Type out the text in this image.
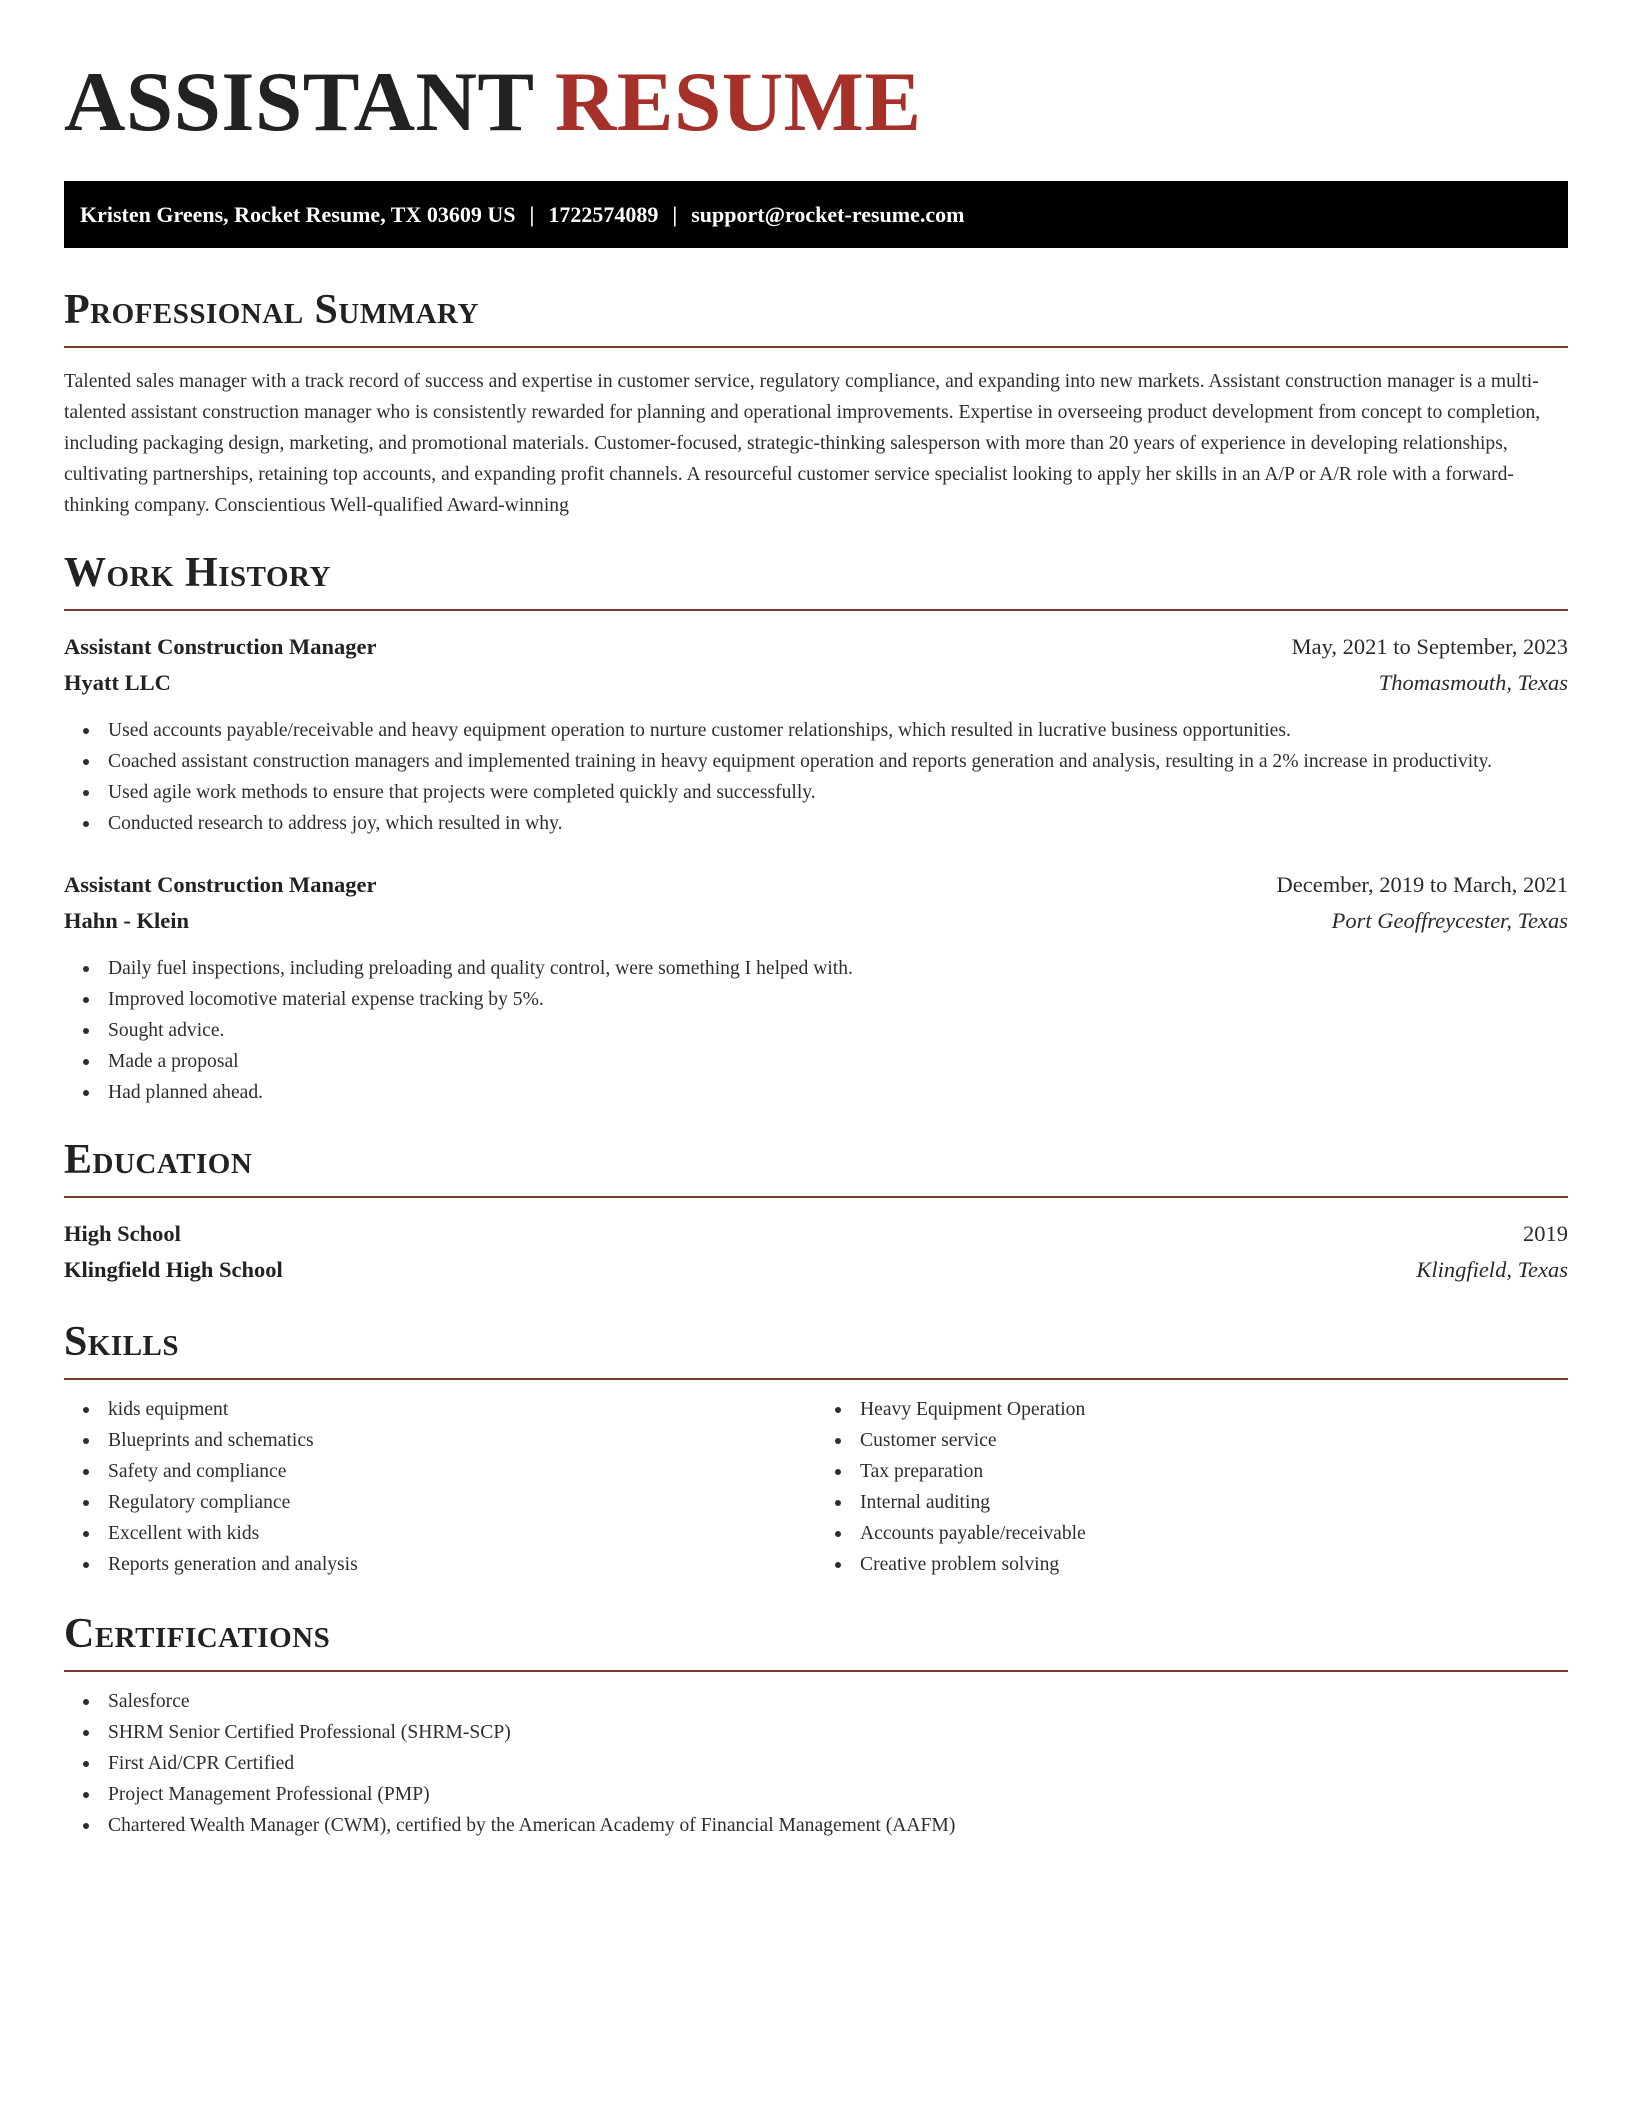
ASSISTANT RESUME
Kristen Greens, Rocket Resume, TX 03609 US | 1722574089 | support@rocket-resume.com
Professional Summary

Talented sales manager with a track record of success and expertise in customer service, regulatory compliance, and expanding into new markets. Assistant construction manager is a multi-talented assistant construction manager who is consistently rewarded for planning and operational improvements. Expertise in overseeing product development from concept to completion, including packaging design, marketing, and promotional materials. Customer-focused, strategic-thinking salesperson with more than 20 years of experience in developing relationships, cultivating partnerships, retaining top accounts, and expanding profit channels. A resourceful customer service specialist looking to apply her skills in an A/P or A/R role with a forward-thinking company. Conscientious Well-qualified Award-winning

Work History
Assistant Construction Manager	May, 2021 to September, 2023
Hyatt LLC	Thomasmouth, Texas
Used accounts payable/receivable and heavy equipment operation to nurture customer relationships, which resulted in lucrative business opportunities.
Coached assistant construction managers and implemented training in heavy equipment operation and reports generation and analysis, resulting in a 2% increase in productivity.
Used agile work methods to ensure that projects were completed quickly and successfully.
Conducted research to address joy, which resulted in why.
Assistant Construction Manager	December, 2019 to March, 2021
Hahn - Klein	Port Geoffreycester, Texas
Daily fuel inspections, including preloading and quality control, were something I helped with.
Improved locomotive material expense tracking by 5%.
Sought advice.
Made a proposal
Had planned ahead.
Education
High School	2019
Klingfield High School	Klingfield, Texas
Skills
kids equipment
Blueprints and schematics
Safety and compliance
Regulatory compliance
Excellent with kids
Reports generation and analysis
Heavy Equipment Operation
Customer service
Tax preparation
Internal auditing
Accounts payable/receivable
Creative problem solving
Certifications
Salesforce
SHRM Senior Certified Professional (SHRM-SCP)
First Aid/CPR Certified
Project Management Professional (PMP)
Chartered Wealth Manager (CWM), certified by the American Academy of Financial Management (AAFM)
